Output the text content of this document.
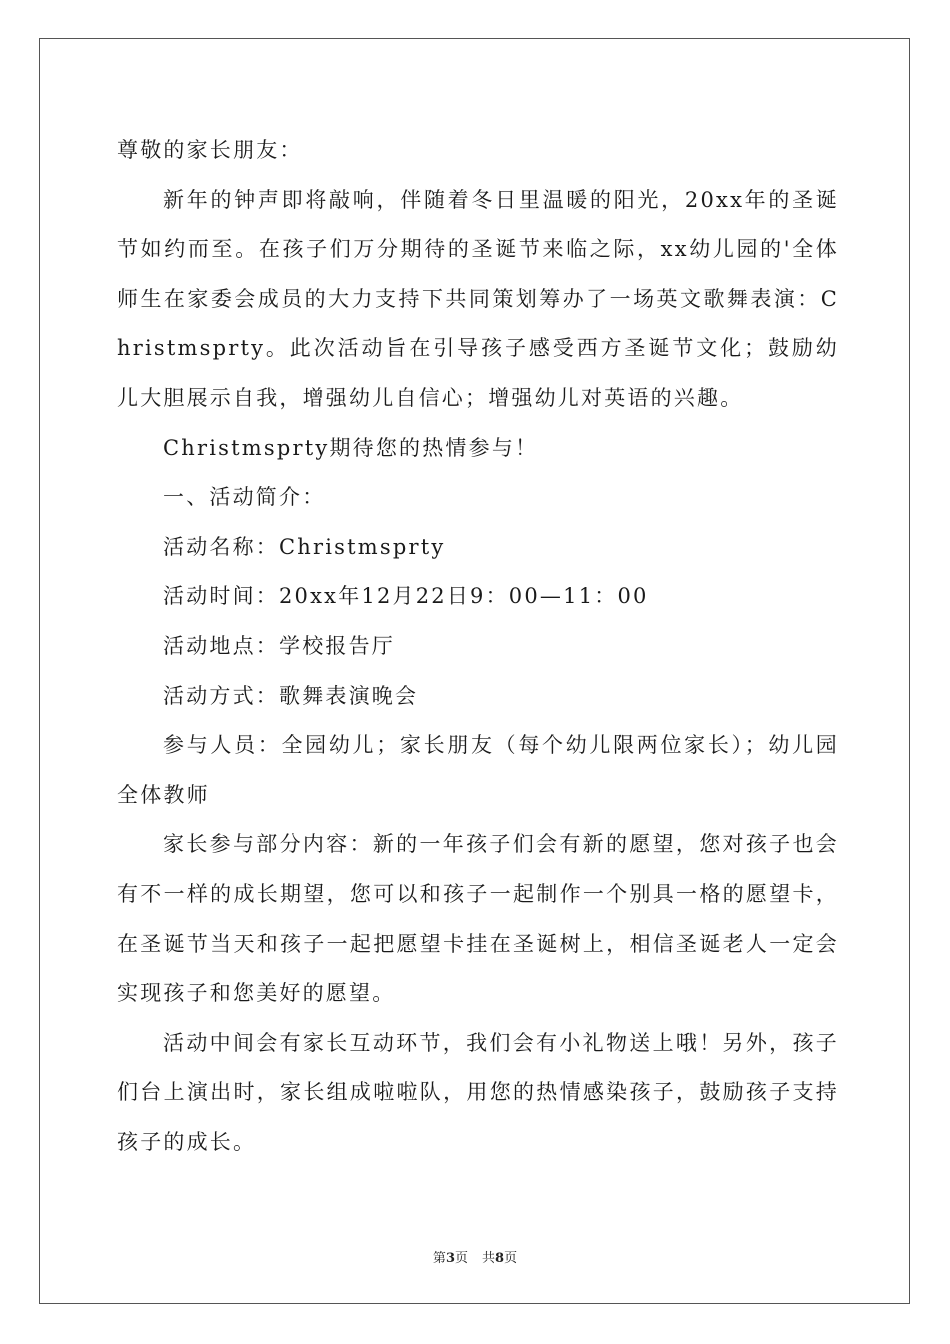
尊敬的家长朋友：

新年的钟声即将敲响，伴随着冬日里温暖的阳光，20xx年的圣诞节如约而至。在孩子们万分期待的圣诞节来临之际，xx幼儿园的'全体师生在家委会成员的大力支持下共同策划筹办了一场英文歌舞表演：Christmsprty。此次活动旨在引导孩子感受西方圣诞节文化；鼓励幼儿大胆展示自我，增强幼儿自信心；增强幼儿对英语的兴趣。

Christmsprty期待您的热情参与！

一、活动简介：

活动名称：Christmsprty

活动时间：20xx年12月22日9：00—11：00

活动地点：学校报告厅

活动方式：歌舞表演晚会

参与人员：全园幼儿；家长朋友（每个幼儿限两位家长）；幼儿园全体教师

家长参与部分内容：新的一年孩子们会有新的愿望，您对孩子也会有不一样的成长期望，您可以和孩子一起制作一个别具一格的愿望卡，在圣诞节当天和孩子一起把愿望卡挂在圣诞树上，相信圣诞老人一定会实现孩子和您美好的愿望。

活动中间会有家长互动环节，我们会有小礼物送上哦！另外，孩子们台上演出时，家长组成啦啦队，用您的热情感染孩子，鼓励孩子支持孩子的成长。

第3页 共8页
